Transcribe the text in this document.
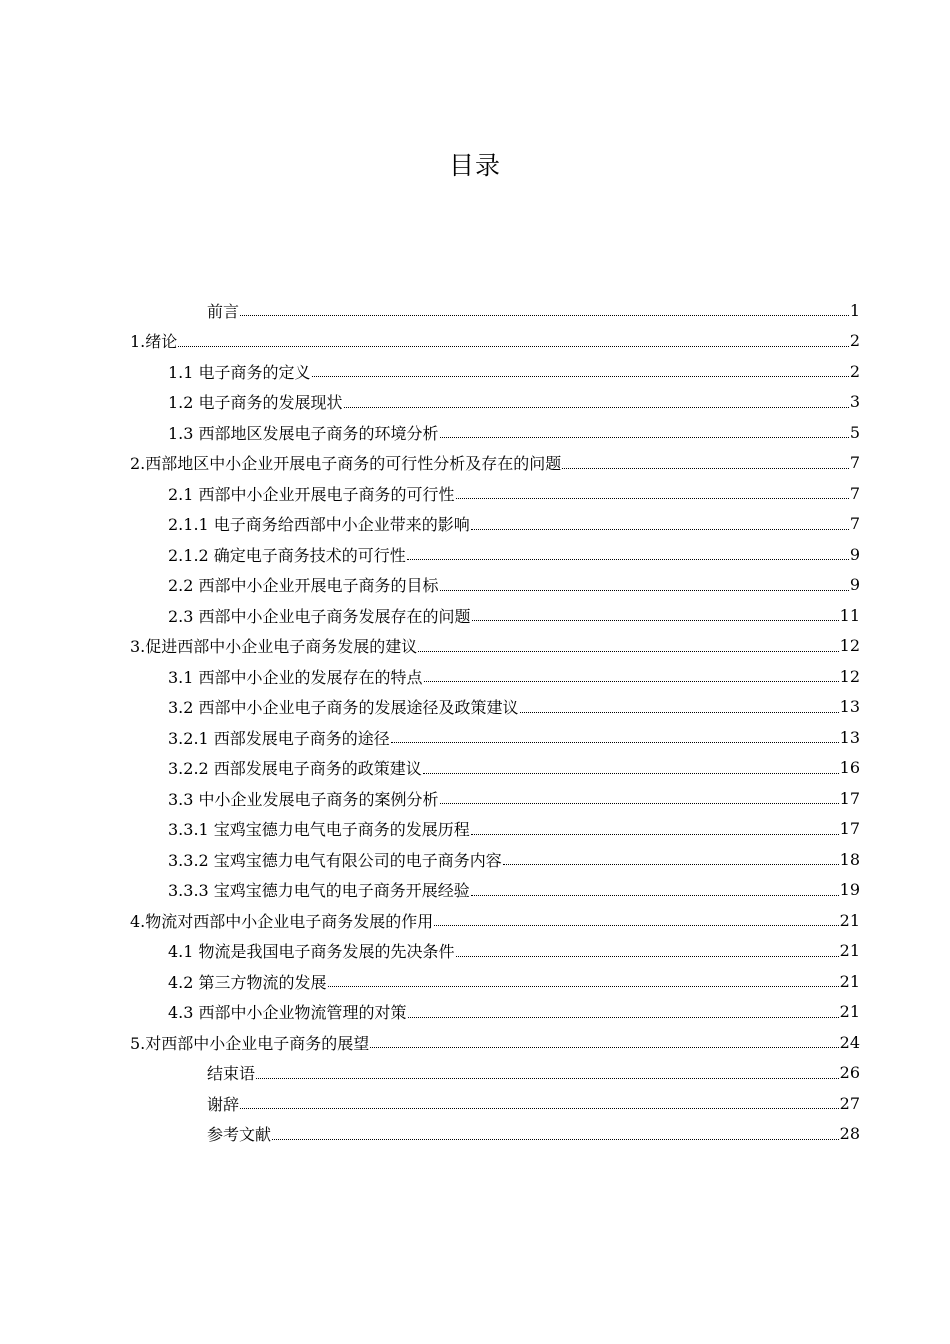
目录
前言	1
1.绪论	2
1.1 电子商务的定义	2
1.2 电子商务的发展现状	3
1.3 西部地区发展电子商务的环境分析	5
2.西部地区中小企业开展电子商务的可行性分析及存在的问题	7
2.1 西部中小企业开展电子商务的可行性	7
2.1.1 电子商务给西部中小企业带来的影响	7
2.1.2 确定电子商务技术的可行性	9
2.2 西部中小企业开展电子商务的目标	9
2.3 西部中小企业电子商务发展存在的问题	11
3.促进西部中小企业电子商务发展的建议	12
3.1 西部中小企业的发展存在的特点	12
3.2 西部中小企业电子商务的发展途径及政策建议	13
3.2.1 西部发展电子商务的途径	13
3.2.2 西部发展电子商务的政策建议	16
3.3 中小企业发展电子商务的案例分析	17
3.3.1 宝鸡宝德力电气电子商务的发展历程	17
3.3.2 宝鸡宝德力电气有限公司的电子商务内容	18
3.3.3 宝鸡宝德力电气的电子商务开展经验	19
4.物流对西部中小企业电子商务发展的作用	21
4.1 物流是我国电子商务发展的先决条件	21
4.2 第三方物流的发展	21
4.3 西部中小企业物流管理的对策	21
5.对西部中小企业电子商务的展望	24
结束语	26
谢辞	27
参考文献	28
